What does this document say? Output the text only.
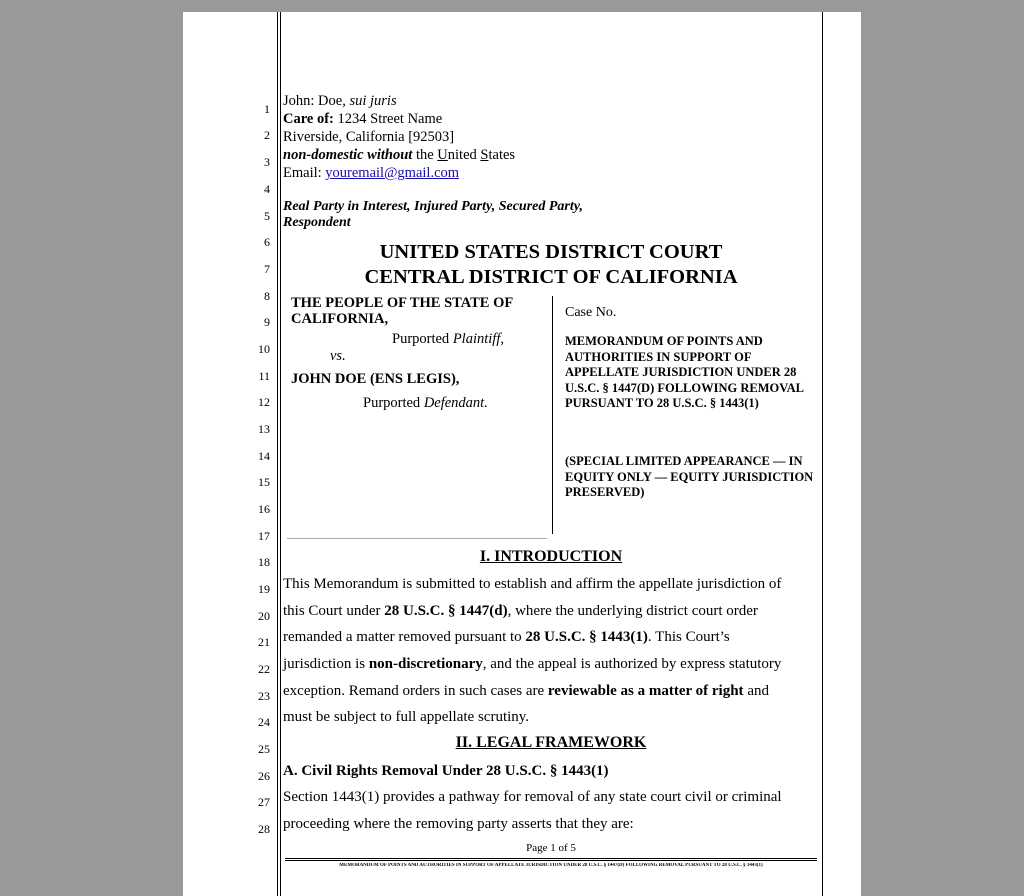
1
2
3
4
5
6
7
8
9
10
11
12
13
14
15
16
17
18
19
20
21
22
23
24
25
26
27
28
John: Doe, sui juris
Care of: 1234 Street Name
Riverside, California [92503]
non-domestic without the United States
Email: youremail@gmail.com
Real Party in Interest, Injured Party, Secured Party,
Respondent
UNITED STATES DISTRICT COURT
CENTRAL DISTRICT OF CALIFORNIA
THE PEOPLE OF THE STATE OF
CALIFORNIA,
Purported Plaintiff,
vs.
JOHN DOE (ENS LEGIS),
Purported Defendant.
Case No.
MEMORANDUM OF POINTS AND AUTHORITIES IN SUPPORT OF APPELLATE JURISDICTION UNDER 28 U.S.C. § 1447(D) FOLLOWING REMOVAL PURSUANT TO 28 U.S.C. § 1443(1)
(SPECIAL LIMITED APPEARANCE — IN EQUITY ONLY — EQUITY JURISDICTION PRESERVED)
I. INTRODUCTION
This Memorandum is submitted to establish and affirm the appellate jurisdiction of
this Court under 28 U.S.C. § 1447(d), where the underlying district court order
remanded a matter removed pursuant to 28 U.S.C. § 1443(1). This Court’s
jurisdiction is non-discretionary, and the appeal is authorized by express statutory
exception. Remand orders in such cases are reviewable as a matter of right and
must be subject to full appellate scrutiny.
II. LEGAL FRAMEWORK
A. Civil Rights Removal Under 28 U.S.C. § 1443(1)
Section 1443(1) provides a pathway for removal of any state court civil or criminal
proceeding where the removing party asserts that they are:
Page 1 of 5
MEMORANDUM OF POINTS AND AUTHORITIES IN SUPPORT OF APPELLATE JURISDICTION UNDER 28 U.S.C. § 1447(D) FOLLOWING REMOVAL PURSUANT TO 28 U.S.C. § 1443(1)
